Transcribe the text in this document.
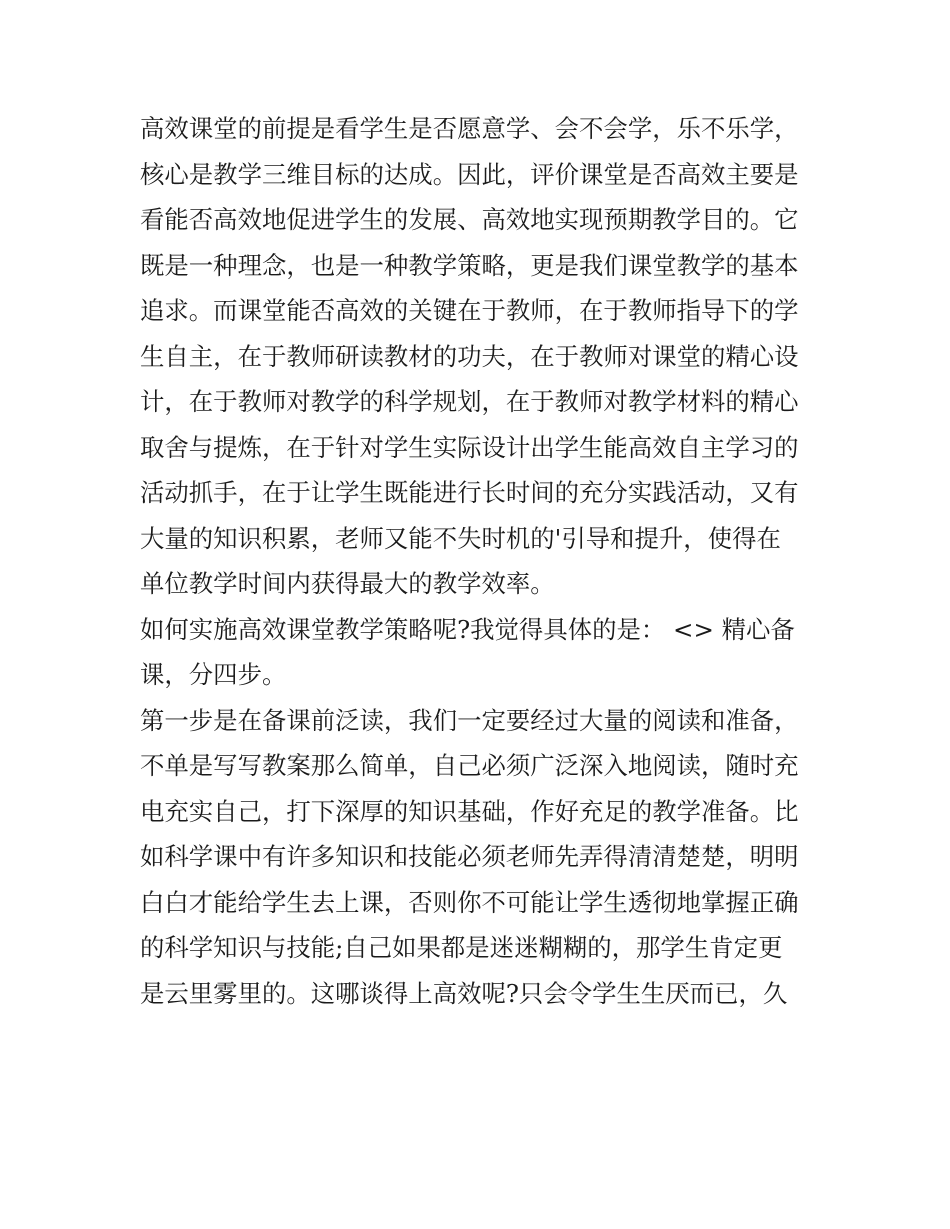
高效课堂的前提是看学生是否愿意学、会不会学，乐不乐学，
核心是教学三维目标的达成。因此，评价课堂是否高效主要是
看能否高效地促进学生的发展、高效地实现预期教学目的。它
既是一种理念，也是一种教学策略，更是我们课堂教学的基本
追求。而课堂能否高效的关键在于教师，在于教师指导下的学
生自主，在于教师研读教材的功夫，在于教师对课堂的精心设
计，在于教师对教学的科学规划，在于教师对教学材料的精心
取舍与提炼，在于针对学生实际设计出学生能高效自主学习的
活动抓手，在于让学生既能进行长时间的充分实践活动，又有
大量的知识积累，老师又能不失时机的'引导和提升，使得在
单位教学时间内获得最大的教学效率。
如何实施高效课堂教学策略呢?我觉得具体的是： <> 精心备
课，分四步。
第一步是在备课前泛读，我们一定要经过大量的阅读和准备，
不单是写写教案那么简单，自己必须广泛深入地阅读，随时充
电充实自己，打下深厚的知识基础，作好充足的教学准备。比
如科学课中有许多知识和技能必须老师先弄得清清楚楚，明明
白白才能给学生去上课，否则你不可能让学生透彻地掌握正确
的科学知识与技能;自己如果都是迷迷糊糊的，那学生肯定更
是云里雾里的。这哪谈得上高效呢?只会令学生生厌而已，久
